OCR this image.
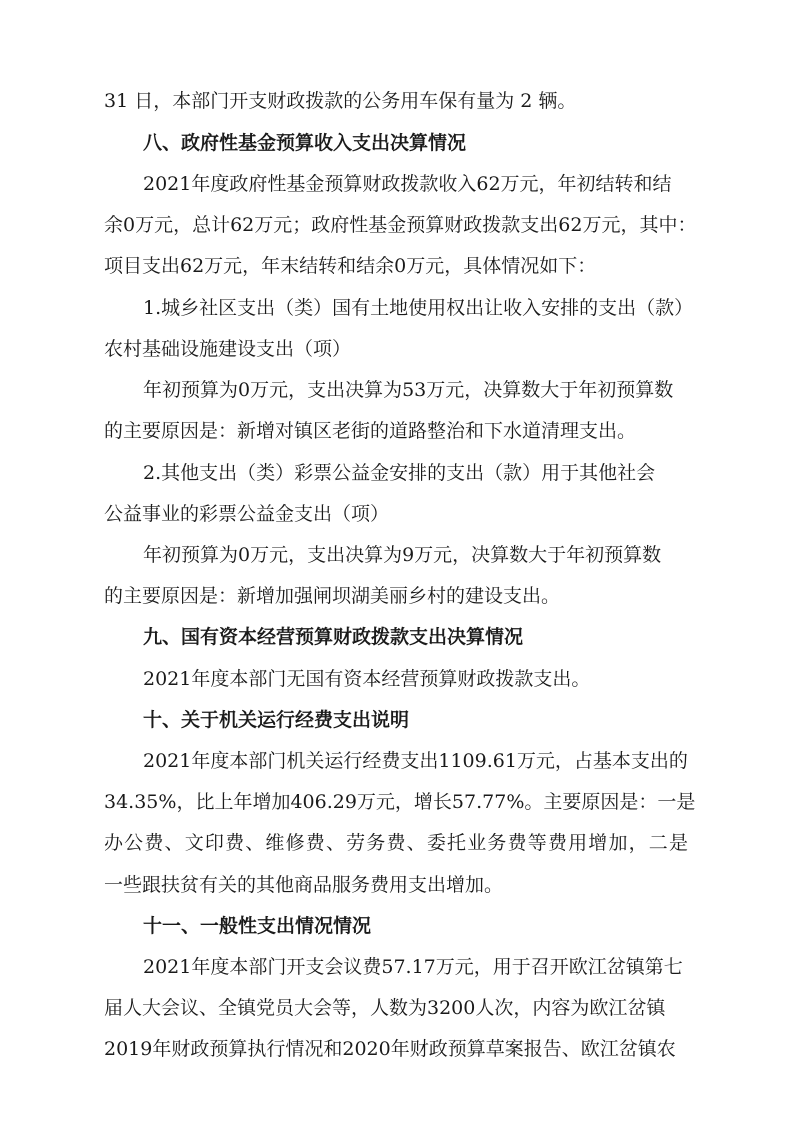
31 日，本部门开支财政拨款的公务用车保有量为 2 辆。

八、政府性基金预算收入支出决算情况

2021年度政府性基金预算财政拨款收入62万元，年初结转和结

余0万元，总计62万元；政府性基金预算财政拨款支出62万元，其中：

项目支出62万元，年末结转和结余0万元，具体情况如下：

1.城乡社区支出（类）国有土地使用权出让收入安排的支出（款）

农村基础设施建设支出（项）

年初预算为0万元，支出决算为53万元，决算数大于年初预算数

的主要原因是：新增对镇区老街的道路整治和下水道清理支出。

2.其他支出（类）彩票公益金安排的支出（款）用于其他社会

公益事业的彩票公益金支出（项）

年初预算为0万元，支出决算为9万元，决算数大于年初预算数

的主要原因是：新增加强闸坝湖美丽乡村的建设支出。

九、国有资本经营预算财政拨款支出决算情况

2021年度本部门无国有资本经营预算财政拨款支出。

十、关于机关运行经费支出说明

2021年度本部门机关运行经费支出1109.61万元，占基本支出的

34.35%，比上年增加406.29万元，增长57.77%。主要原因是：一是

办公费、文印费、维修费、劳务费、委托业务费等费用增加，二是

一些跟扶贫有关的其他商品服务费用支出增加。

十一、一般性支出情况情况

2021年度本部门开支会议费57.17万元，用于召开欧江岔镇第七

届人大会议、全镇党员大会等，人数为3200人次，内容为欧江岔镇

2019年财政预算执行情况和2020年财政预算草案报告、欧江岔镇农
